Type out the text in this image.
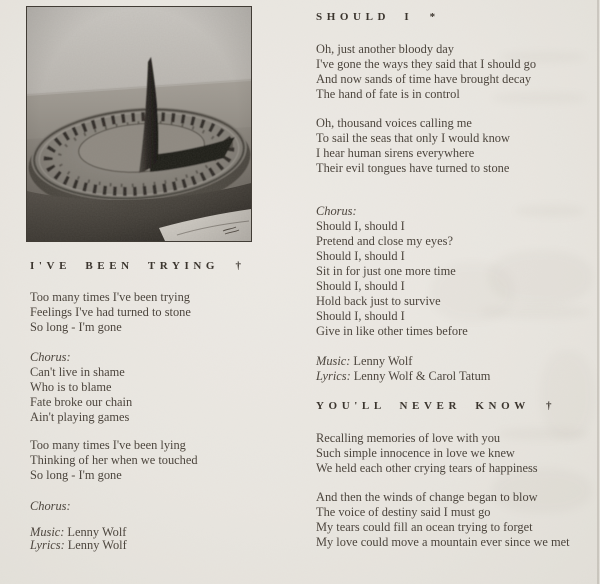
I'VE BEEN TRYING †
Too many times I've been trying
Feelings I've had turned to stone
So long - I'm gone
Chorus:
Can't live in shame
Who is to blame
Fate broke our chain
Ain't playing games
Too many times I've been lying
Thinking of her when we touched
So long - I'm gone
Chorus:
Music: Lenny Wolf
Lyrics: Lenny Wolf
SHOULD I *
Oh, just another bloody day
I've gone the ways they said that I should go
And now sands of time have brought decay
The hand of fate is in control
Oh, thousand voices calling me
To sail the seas that only I would know
I hear human sirens everywhere
Their evil tongues have turned to stone
Chorus:
Should I, should I
Pretend and close my eyes?
Should I, should I
Sit in for just one more time
Should I, should I
Hold back just to survive
Should I, should I
Give in like other times before
Music: Lenny Wolf
Lyrics: Lenny Wolf & Carol Tatum
YOU'LL NEVER KNOW †
Recalling memories of love with you
Such simple innocence in love we knew
We held each other crying tears of happiness
And then the winds of change began to blow
The voice of destiny said I must go
My tears could fill an ocean trying to forget
My love could move a mountain ever since we met
